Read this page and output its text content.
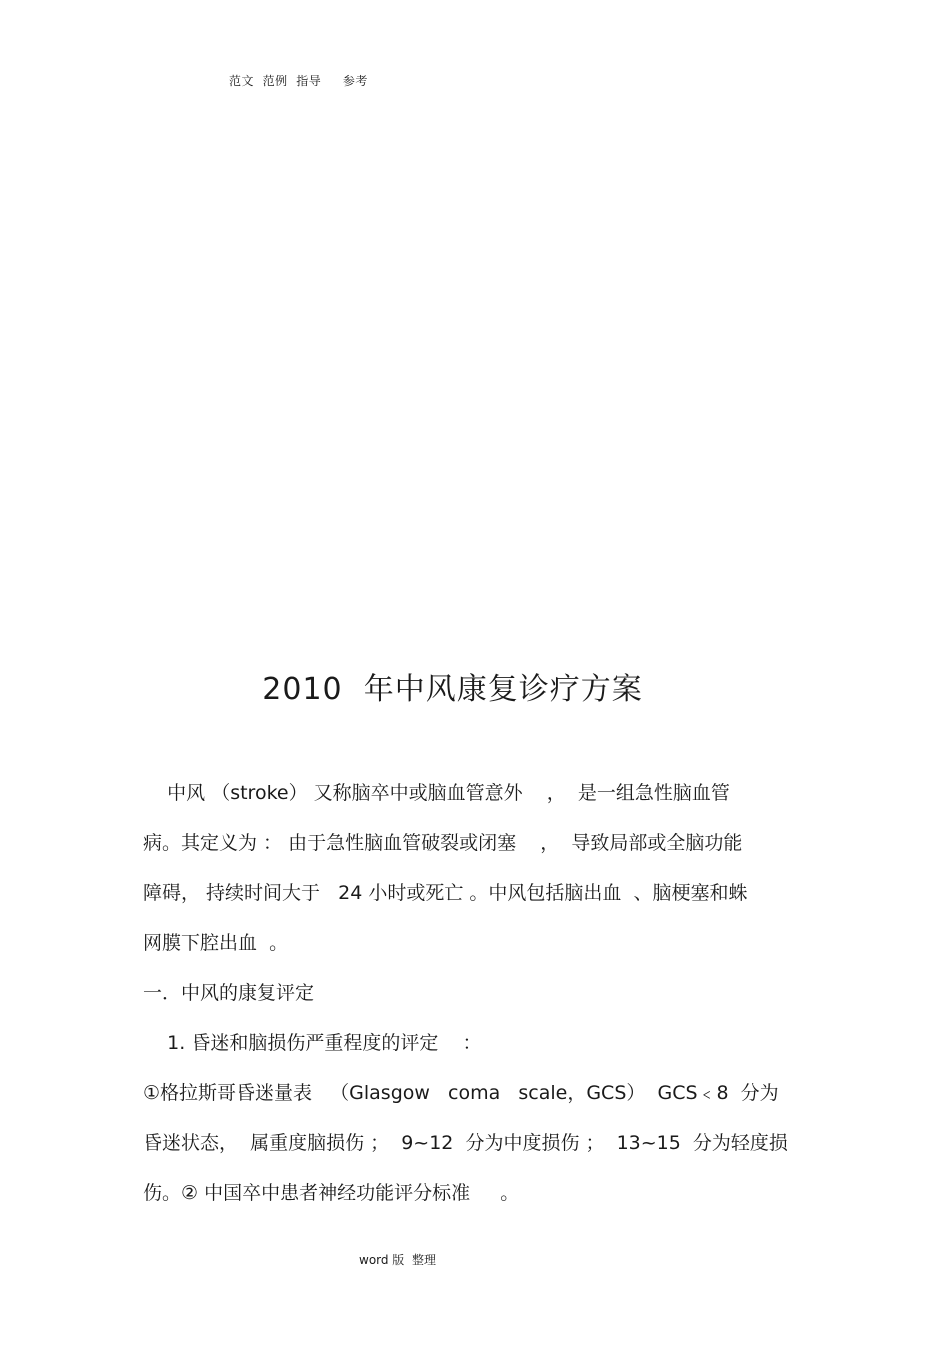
范文  范例  指导     参考
2010  年中风康复诊疗方案
中风 （stroke） 又称脑卒中或脑血管意外    ，  是一组急性脑血管
病。其定义为 ： 由于急性脑血管破裂或闭塞    ，  导致局部或全脑功能
障碍， 持续时间大于   24 小时或死亡 。中风包括脑出血  、脑梗塞和蛛
网膜下腔出血  。
一．中风的康复评定
1. 昏迷和脑损伤严重程度的评定    ：
①格拉斯哥昏迷量表   （Glasgow   coma   scale，GCS）  GCS﹤8  分为
昏迷状态，  属重度脑损伤 ；  9~12  分为中度损伤 ；  13~15  分为轻度损
伤。② 中国卒中患者神经功能评分标准     。
word 版  整理
